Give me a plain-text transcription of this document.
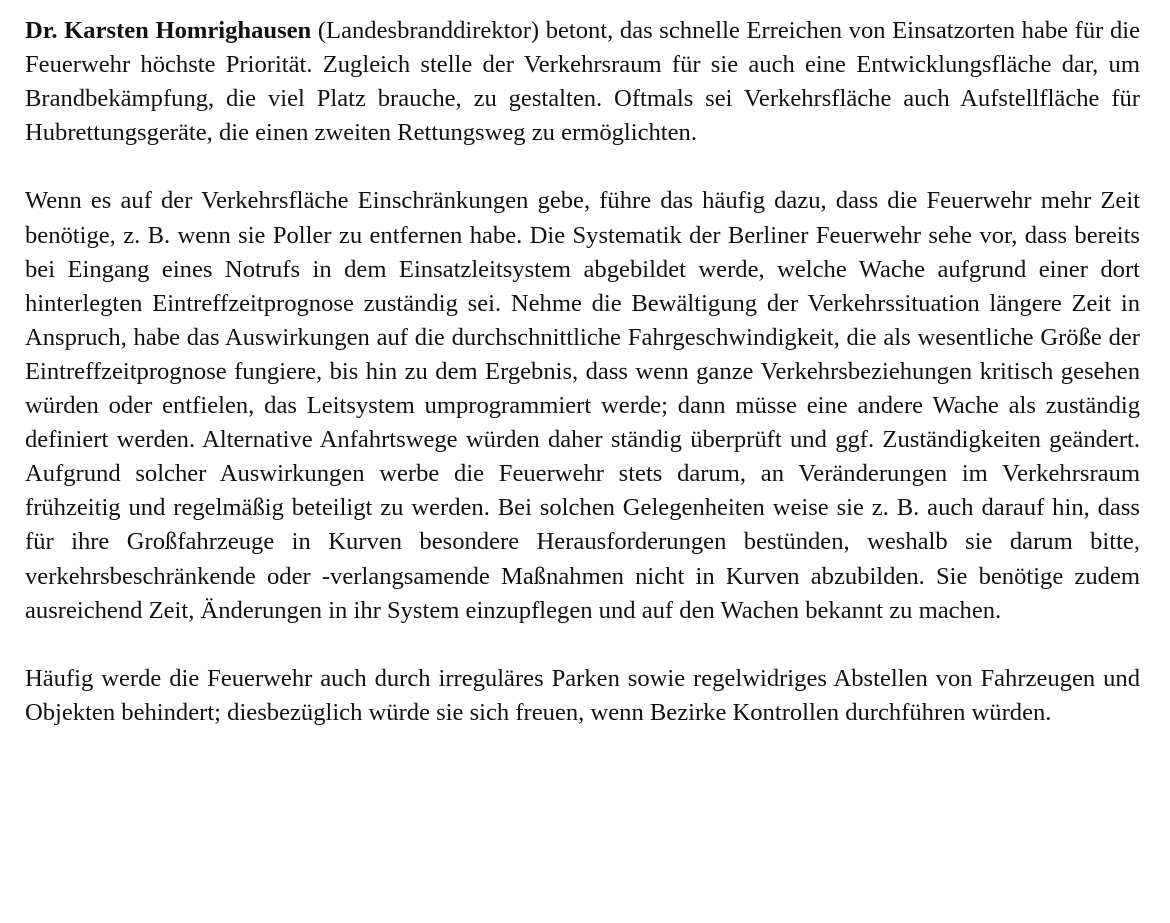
Dr. Karsten Homrighausen (Landesbranddirektor) betont, das schnelle Erreichen von Einsatzorten habe für die Feuerwehr höchste Priorität. Zugleich stelle der Verkehrsraum für sie auch eine Entwicklungsfläche dar, um Brandbekämpfung, die viel Platz brauche, zu gestalten. Oftmals sei Verkehrsfläche auch Aufstellfläche für Hubrettungsgeräte, die einen zweiten Rettungsweg zu ermöglichten.

Wenn es auf der Verkehrsfläche Einschränkungen gebe, führe das häufig dazu, dass die Feuerwehr mehr Zeit benötige, z. B. wenn sie Poller zu entfernen habe. Die Systematik der Berliner Feuerwehr sehe vor, dass bereits bei Eingang eines Notrufs in dem Einsatzleitsystem abgebildet werde, welche Wache aufgrund einer dort hinterlegten Eintreffzeitprognose zuständig sei. Nehme die Bewältigung der Verkehrssituation längere Zeit in Anspruch, habe das Auswirkungen auf die durchschnittliche Fahrgeschwindigkeit, die als wesentliche Größe der Eintreffzeitprognose fungiere, bis hin zu dem Ergebnis, dass wenn ganze Verkehrsbeziehungen kritisch gesehen würden oder entfielen, das Leitsystem umprogrammiert werde; dann müsse eine andere Wache als zuständig definiert werden. Alternative Anfahrtswege würden daher ständig überprüft und ggf. Zuständigkeiten geändert. Aufgrund solcher Auswirkungen werbe die Feuerwehr stets darum, an Veränderungen im Verkehrsraum frühzeitig und regelmäßig beteiligt zu werden. Bei solchen Gelegenheiten weise sie z. B. auch darauf hin, dass für ihre Großfahrzeuge in Kurven besondere Herausforderungen bestünden, weshalb sie darum bitte, verkehrsbeschränkende oder -verlangsamende Maßnahmen nicht in Kurven abzubilden. Sie benötige zudem ausreichend Zeit, Änderungen in ihr System einzupflegen und auf den Wachen bekannt zu machen.

Häufig werde die Feuerwehr auch durch irreguläres Parken sowie regelwidriges Abstellen von Fahrzeugen und Objekten behindert; diesbezüglich würde sie sich freuen, wenn Bezirke Kontrollen durchführen würden.
